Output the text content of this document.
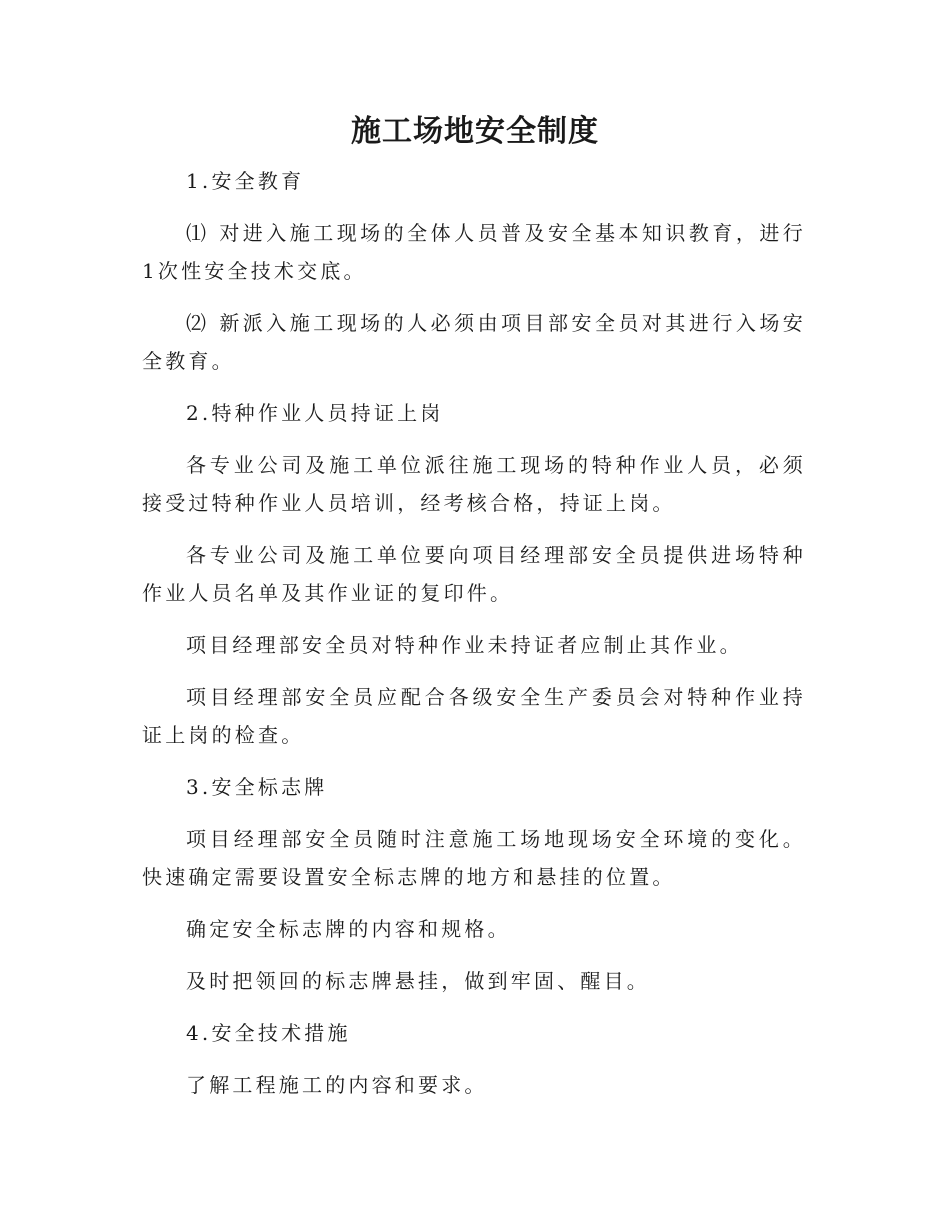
施工场地安全制度

1.安全教育

⑴ 对进入施工现场的全体人员普及安全基本知识教育，进行1次性安全技术交底。

⑵ 新派入施工现场的人必须由项目部安全员对其进行入场安全教育。

2.特种作业人员持证上岗

各专业公司及施工单位派往施工现场的特种作业人员，必须接受过特种作业人员培训，经考核合格，持证上岗。

各专业公司及施工单位要向项目经理部安全员提供进场特种作业人员名单及其作业证的复印件。

项目经理部安全员对特种作业未持证者应制止其作业。

项目经理部安全员应配合各级安全生产委员会对特种作业持证上岗的检查。

3.安全标志牌

项目经理部安全员随时注意施工场地现场安全环境的变化。快速确定需要设置安全标志牌的地方和悬挂的位置。

确定安全标志牌的内容和规格。

及时把领回的标志牌悬挂，做到牢固、醒目。

4.安全技术措施

了解工程施工的内容和要求。
